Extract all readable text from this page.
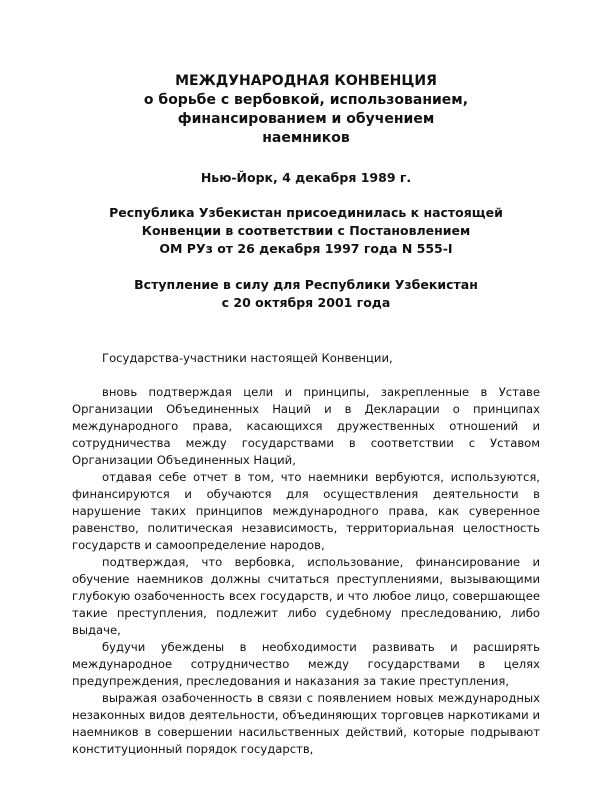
МЕЖДУНАРОДНАЯ КОНВЕНЦИЯ
о борьбе с вербовкой, использованием,
финансированием и обучением
наемников
Нью-Йорк, 4 декабря 1989 г.
Республика Узбекистан присоединилась к настоящей
Конвенции в соответствии с Постановлением
ОМ РУз от 26 декабря 1997 года N 555-I
Вступление в силу для Республики Узбекистан
с 20 октября 2001 года

Государства-участники настоящей Конвенции,

вновь подтверждая цели и принципы, закрепленные в Уставе Организации Объединенных Наций и в Декларации о принципах международного права, касающихся дружественных отношений и сотрудничества между государствами в соответствии с Уставом Организации Объединенных Наций,

отдавая себе отчет в том, что наемники вербуются, используются, финансируются и обучаются для осуществления деятельности в нарушение таких принципов международного права, как суверенное равенство, политическая независимость, территориальная целостность государств и самоопределение народов,

подтверждая, что вербовка, использование, финансирование и обучение наемников должны считаться преступлениями, вызывающими глубокую озабоченность всех государств, и что любое лицо, совершающее такие преступления, подлежит либо судебному преследованию, либо выдаче,

будучи убеждены в необходимости развивать и расширять международное сотрудничество между государствами в целях предупреждения, преследования и наказания за такие преступления,

выражая озабоченность в связи с появлением новых международных незаконных видов деятельности, объединяющих торговцев наркотиками и наемников в совершении насильственных действий, которые подрывают конституционный порядок государств,
